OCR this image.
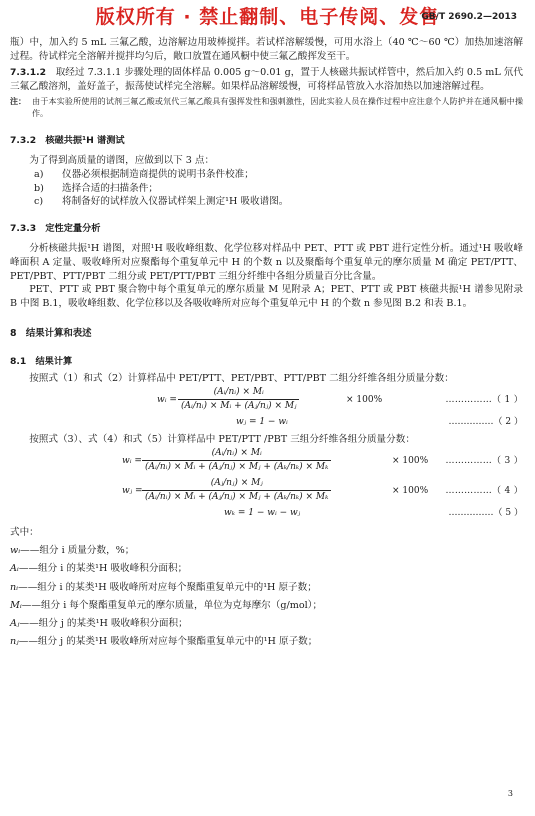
版权所有 · 禁止翻制、电子传阅、发售
GB/T 2690.2—2013

瓶）中，加入约 5 mL 三氟乙酸，边溶解边用玻棒搅拌。若试样溶解缓慢，可用水浴上（40 ℃～60 ℃）加热加速溶解过程。待试样完全溶解并搅拌均匀后，敞口放置在通风橱中使三氟乙酸挥发至干。

7.3.1.2　 取经过 7.3.1.1 步骤处理的固体样品 0.005 g～0.01 g，置于人核磁共振试样管中，然后加入约 0.5 mL 氘代三氟乙酸溶剂，盖好盖子，振荡使试样完全溶解。如果样品溶解缓慢，可将样品管放入水浴加热以加速溶解过程。

注： 由于本实验所使用的试剂三氟乙酸或氘代三氟乙酸具有强挥发性和强刺激性，因此实验人员在操作过程中应注意个人防护并在通风橱中操作。

7.3.2　核磁共振¹H 谱测试

为了得到高质量的谱图，应做到以下 3 点：

a)	仪器必须根据制造商提供的说明书条件校准；

b)	选择合适的扫描条件；

c)	将制备好的试样放入仪器试样架上测定¹H 吸收谱图。

7.3.3　定性定量分析

分析核磁共振¹H 谱图，对照¹H 吸收峰组数、化学位移对样品中 PET、PTT 或 PBT 进行定性分析。通过¹H 吸收峰峰面积 A 定量、吸收峰所对应聚酯每个重复单元中 H 的个数 n 以及聚酯每个重复单元的摩尔质量 M 确定 PET/PTT、PET/PBT、PTT/PBT 二组分或 PET/PTT/PBT 三组分纤维中各组分质量百分比含量。

PET、PTT 或 PBT 聚合物中每个重复单元的摩尔质量 M 见附录 A；PET、PTT 或 PBT 核磁共振¹H 谱参见附录 B 中图 B.1，吸收峰组数、化学位移以及各吸收峰所对应每个重复单元中 H 的个数 n 参见图 B.2 和表 B.1。

8　结果计算和表述

8.1　结果计算

按照式（1）和式（2）计算样品中 PET/PTT、PET/PBT、PTT/PBT 二组分纤维各组分质量分数：

wᵢ = $\frac{\text{(Aᵢ/nᵢ) × Mᵢ}}{\text{(Aᵢ/nᵢ) × Mᵢ + (Aⱼ/nⱼ) × Mⱼ}}$	× 100%	……………（ 1 ）
wⱼ = 1 − wᵢ	……………（ 2 ）

按照式（3）、式（4）和式（5）计算样品中 PET/PTT /PBT 三组分纤维各组分质量分数：

wᵢ = $\frac{\text{(Aᵢ/nᵢ) × Mᵢ}}{\text{(Aᵢ/nᵢ) × Mᵢ + (Aⱼ/nⱼ) × Mⱼ + (Aₖ/nₖ) × Mₖ}}$	× 100% ……………（ 3 ）
wⱼ = $\frac{\text{(Aⱼ/nⱼ) × Mⱼ}}{\text{(Aᵢ/nᵢ) × Mᵢ + (Aⱼ/nⱼ) × Mⱼ + (Aₖ/nₖ) × Mₖ}}$	× 100% ……………（ 4 ）
wₖ = 1 − wᵢ − wⱼ	……………（ 5 ）

式中：

wᵢ——组分 i 质量分数，%；

Aᵢ——组分 i 的某类¹H 吸收峰积分面积；

nᵢ——组分 i 的某类¹H 吸收峰所对应每个聚酯重复单元中的¹H 原子数；

Mᵢ——组分 i 每个聚酯重复单元的摩尔质量，单位为克每摩尔（g/mol）；

Aⱼ——组分 j 的某类¹H 吸收峰积分面积；

nⱼ——组分 j 的某类¹H 吸收峰所对应每个聚酯重复单元中的¹H 原子数；

3
